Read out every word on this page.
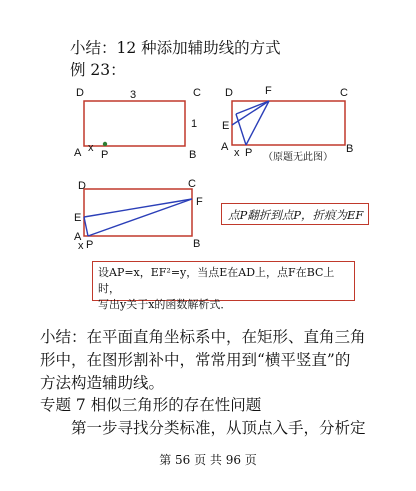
小结：12 种添加辅助线的方式
例 23：
D	3	C
1
A x
P	B
D	F	C
E
A x P	B
（原题无此图）
D	C
F
E
A
x P	B
点P翻折到点P，折痕为EF
设AP=x，EF²=y，当点E在AD上，点F在BC上时，
写出y关于x的函数解析式．
小结：在平面直角坐标系中，在矩形、直角三角
形中，在图形割补中，常常用到“横平竖直”的
方法构造辅助线。
专题 7 相似三角形的存在性问题
第一步寻找分类标准，从顶点入手，分析定
第 56 页 共 96 页
